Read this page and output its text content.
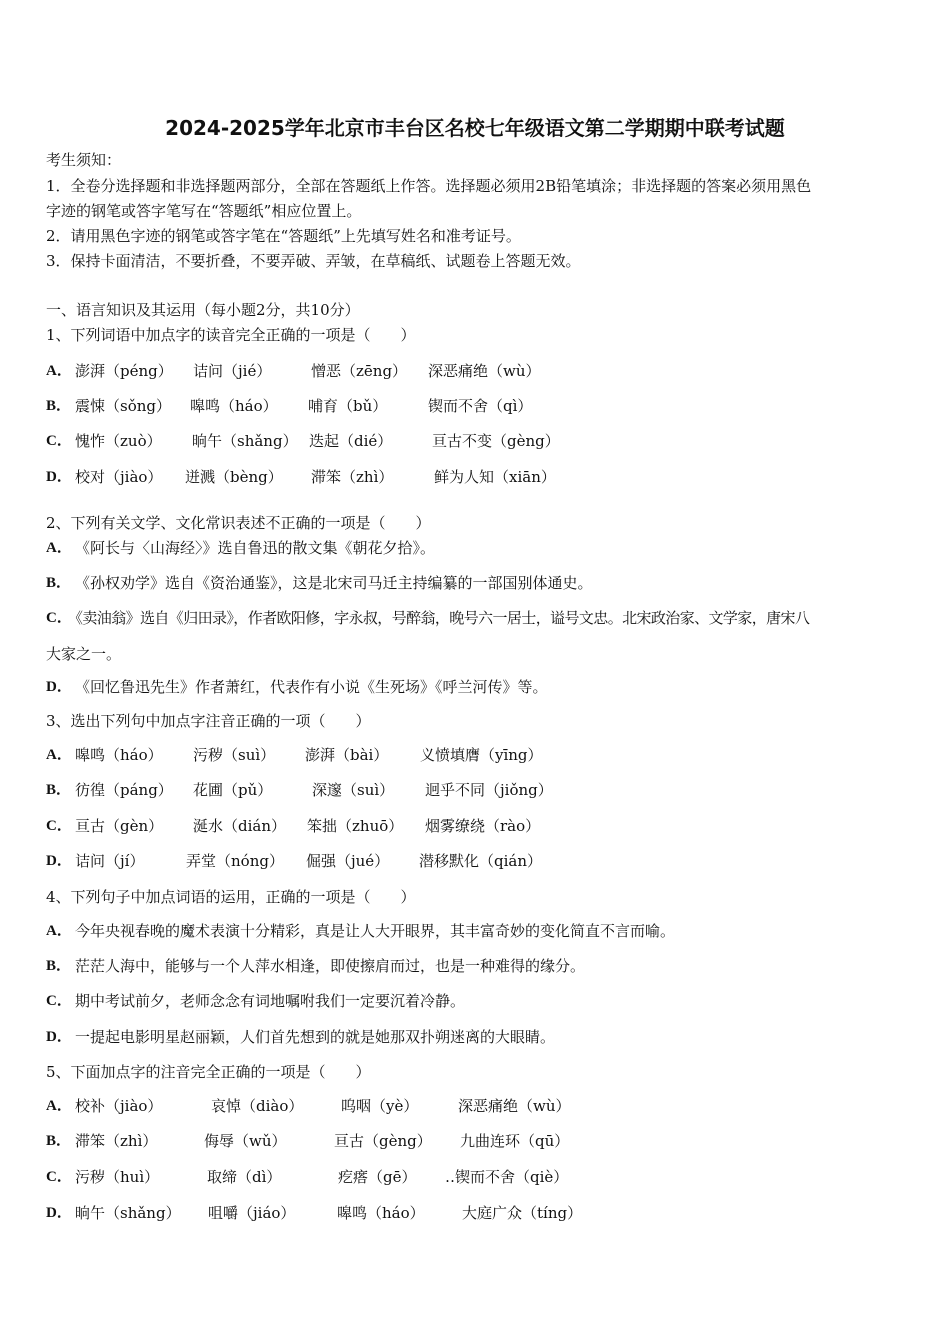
2024-2025学年北京市丰台区名校七年级语文第二学期期中联考试题
考生须知：
1．全卷分选择题和非选择题两部分，全部在答题纸上作答。选择题必须用2B铅笔填涂；非选择题的答案必须用黑色
字迹的钢笔或答字笔写在“答题纸”相应位置上。
2．请用黑色字迹的钢笔或答字笔在“答题纸”上先填写姓名和准考证号。
3．保持卡面清洁，不要折叠，不要弄破、弄皱，在草稿纸、试题卷上答题无效。
一、语言知识及其运用（每小题2分，共10分）
1、下列词语中加点字的读音完全正确的一项是（　　）
2、下列有关文学、文化常识表述不正确的一项是（　　）
3、选出下列句中加点字注音正确的一项（　　）
4、下列句子中加点词语的运用，正确的一项是（　　）
5、下面加点字的注音完全正确的一项是（　　）
A． 《阿长与〈山海经〉》选自鲁迅的散文集《朝花夕拾》。
B． 《孙权劝学》选自《资治通鉴》，这是北宋司马迁主持编纂的一部国别体通史。
C．
《卖油翁》选自《归田录》，作者欧阳修，字永叔，号醉翁，晚号六一居士，谥号文忠。北宋政治家、文学家，唐宋八
大家之一。
D． 《回忆鲁迅先生》作者萧红，代表作有小说《生死场》《呼兰河传》等。
A． 今年央视春晚的魔术表演十分精彩，真是让人大开眼界，其丰富奇妙的变化简直不言而喻。
B． 茫茫人海中，能够与一个人萍水相逢，即使擦肩而过，也是一种难得的缘分。
C． 期中考试前夕，老师念念有词地嘱咐我们一定要沉着冷静。
D． 一提起电影明星赵丽颖，人们首先想到的就是她那双扑朔迷离的大眼睛。
A． 澎湃（péng） 诘问（jié）	憎恶（zēng） 深恶痛绝（wù）
B． 震悚（sǒng） 嗥鸣（háo） 哺育（bǔ）	锲而不舍（qì）
C． 愧怍（zuò） 晌午（shǎng） 迭起（dié）	亘古不变（gèng）
D． 校对（jiào） 迸溅（bèng） 滞笨（zhì）	鲜为人知（xiān）
A． 嗥鸣（háo） 污秽（suì） 澎湃（bài） 义愤填膺（yīng）
B． 彷徨（páng） 花圃（pǔ）	深邃（suì） 迥乎不同（jiǒng）
C． 亘古（gèn） 涎水（dián） 笨拙（zhuō） 烟雾缭绕（rào）
D． 诘问（jí）	弄堂（nóng） 倔强（jué） 潜移默化（qián）
A． 校补（jiào）	哀悼（diào）	呜咽（yè）	深恶痛绝（wù）
B． 滞笨（zhì）	侮辱（wǔ）	亘古（gèng） 九曲连环（qū）
C． 污秽（huì）	取缔（dì）	疙瘩（gē） ‥锲而不舍（qiè）
D． 晌午（shǎng） 咀嚼（jiáo）	嗥鸣（háo） 大庭广众（tíng）
